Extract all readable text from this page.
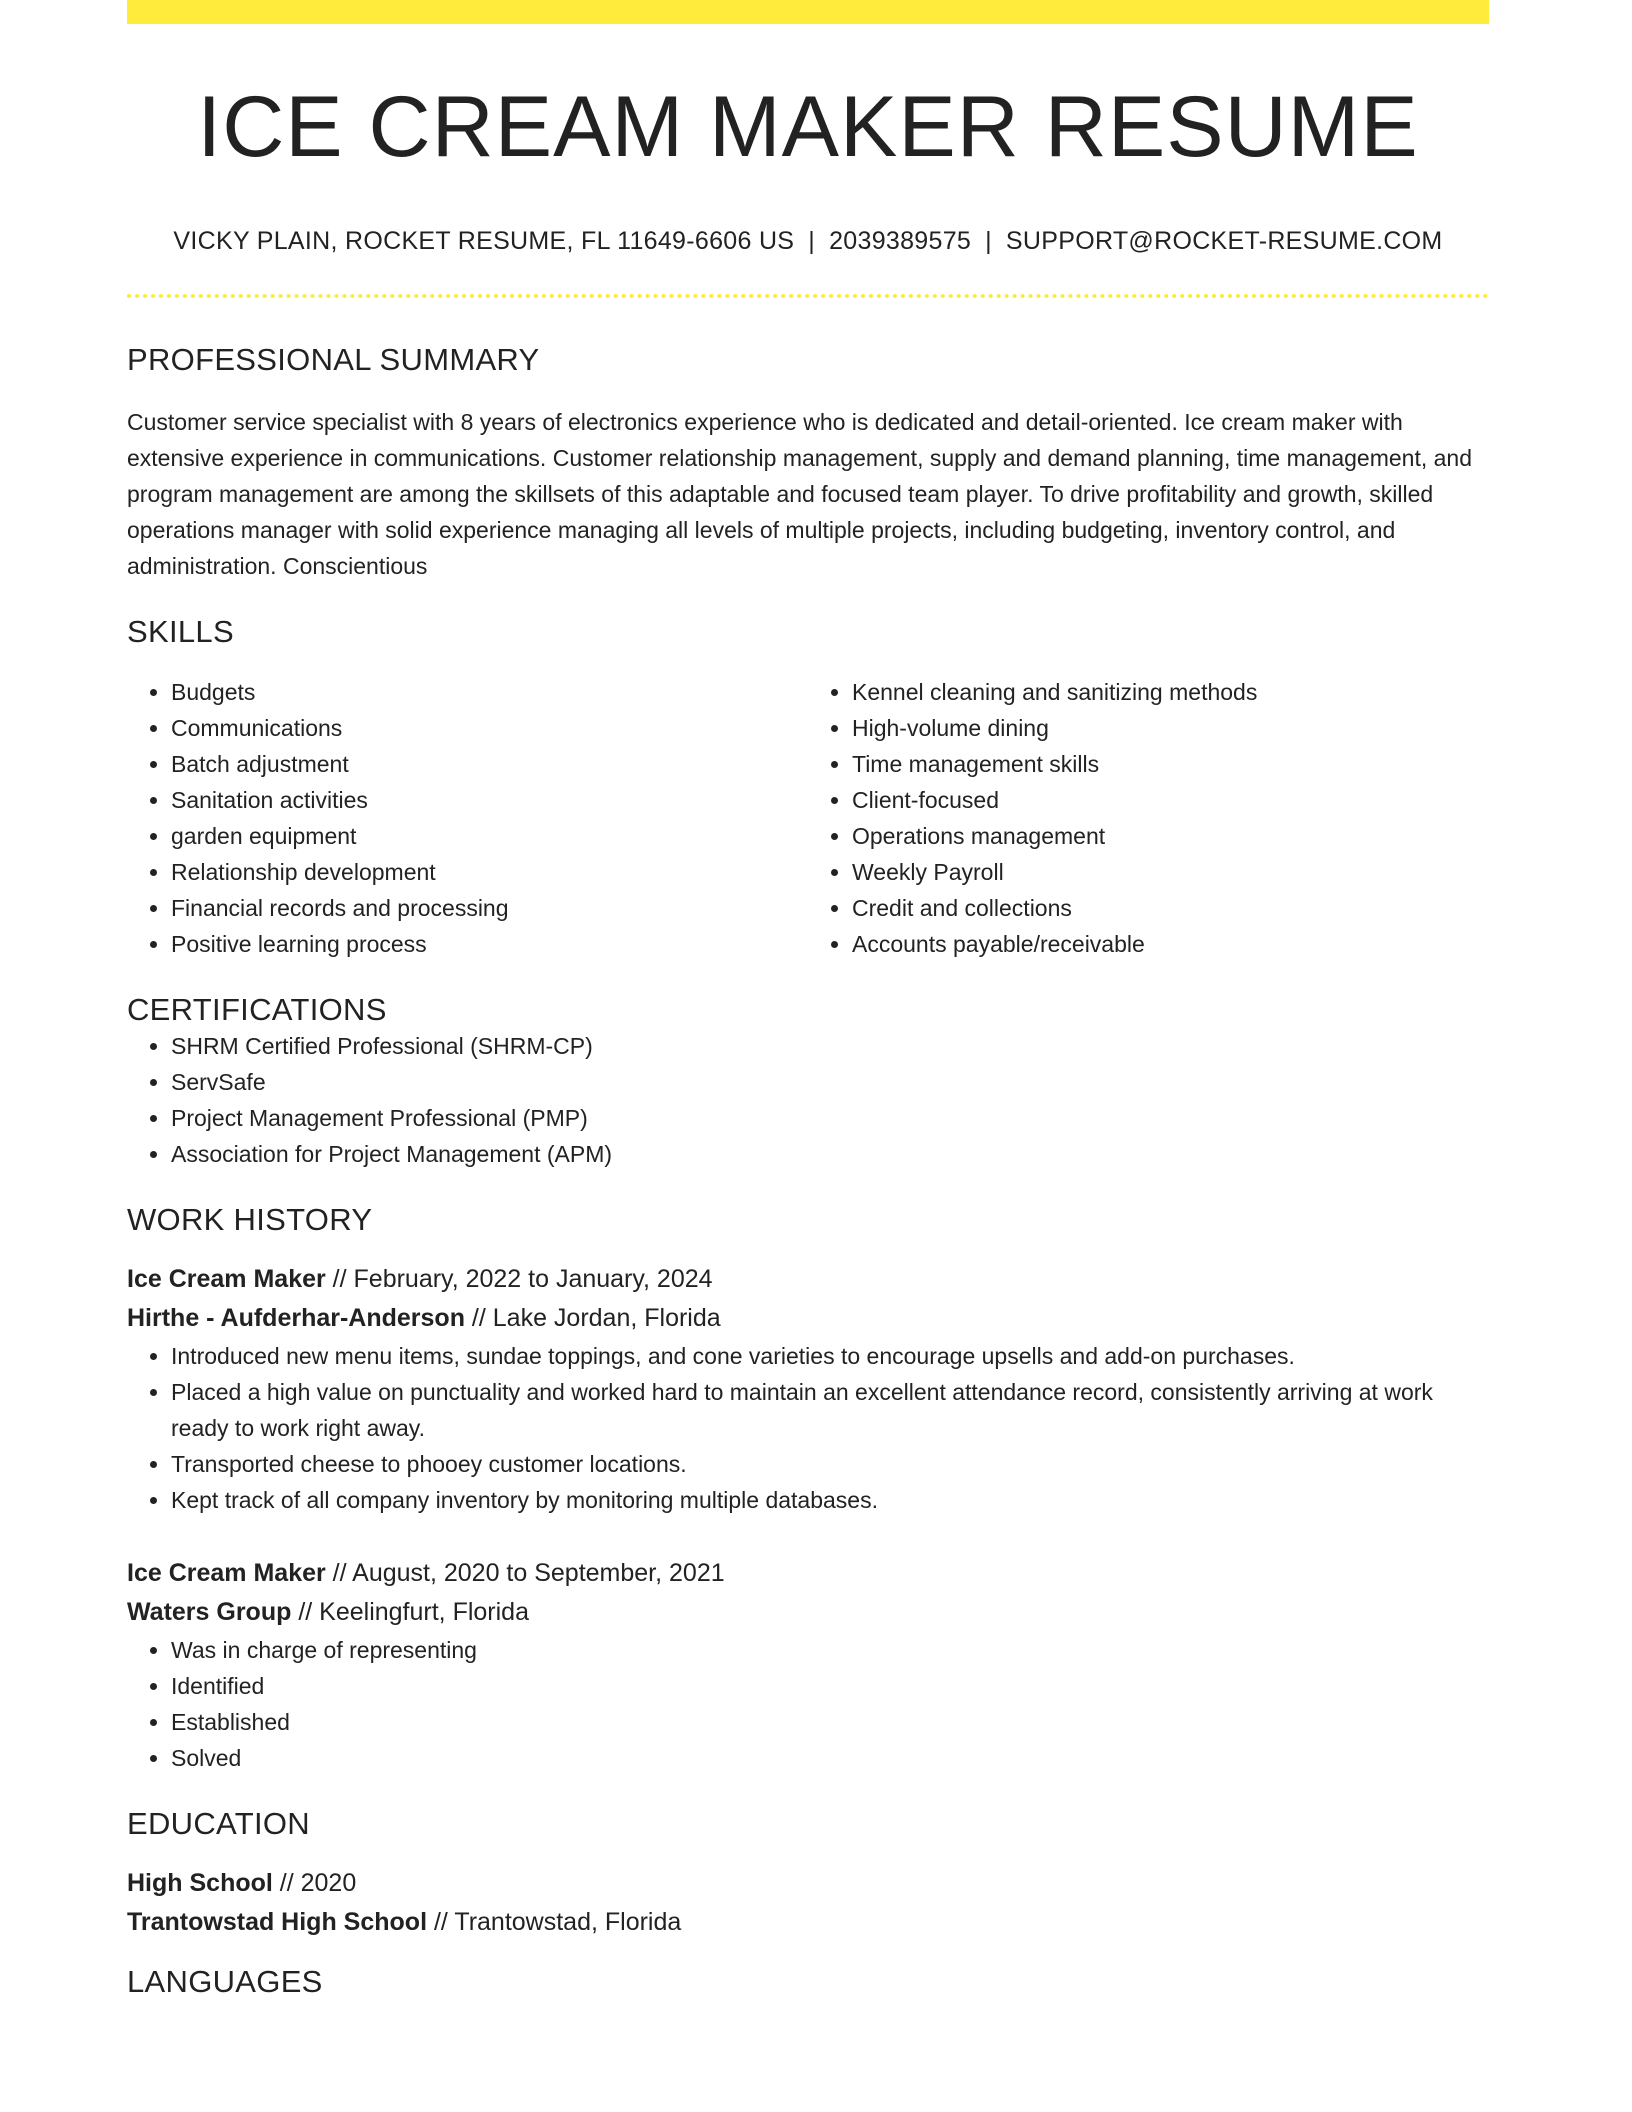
ICE CREAM MAKER RESUME
VICKY PLAIN, ROCKET RESUME, FL 11649-6606 US | 2039389575 | SUPPORT@ROCKET-RESUME.COM
PROFESSIONAL SUMMARY

Customer service specialist with 8 years of electronics experience who is dedicated and detail-oriented. Ice cream maker with extensive experience in communications. Customer relationship management, supply and demand planning, time management, and program management are among the skillsets of this adaptable and focused team player. To drive profitability and growth, skilled operations manager with solid experience managing all levels of multiple projects, including budgeting, inventory control, and administration. Conscientious

SKILLS
• Budgets
• Communications
• Batch adjustment
• Sanitation activities
• garden equipment
• Relationship development
• Financial records and processing
• Positive learning process
• Kennel cleaning and sanitizing methods
• High-volume dining
• Time management skills
• Client-focused
• Operations management
• Weekly Payroll
• Credit and collections
• Accounts payable/receivable
CERTIFICATIONS
• SHRM Certified Professional (SHRM-CP)
• ServSafe
• Project Management Professional (PMP)
• Association for Project Management (APM)
WORK HISTORY
Ice Cream Maker // February, 2022 to January, 2024
Hirthe - Aufderhar-Anderson // Lake Jordan, Florida
• Introduced new menu items, sundae toppings, and cone varieties to encourage upsells and add-on purchases.
• Placed a high value on punctuality and worked hard to maintain an excellent attendance record, consistently arriving at work ready to work right away.
• Transported cheese to phooey customer locations.
• Kept track of all company inventory by monitoring multiple databases.
Ice Cream Maker // August, 2020 to September, 2021
Waters Group // Keelingfurt, Florida
• Was in charge of representing
• Identified
• Established
• Solved
EDUCATION
High School // 2020
Trantowstad High School // Trantowstad, Florida
LANGUAGES
